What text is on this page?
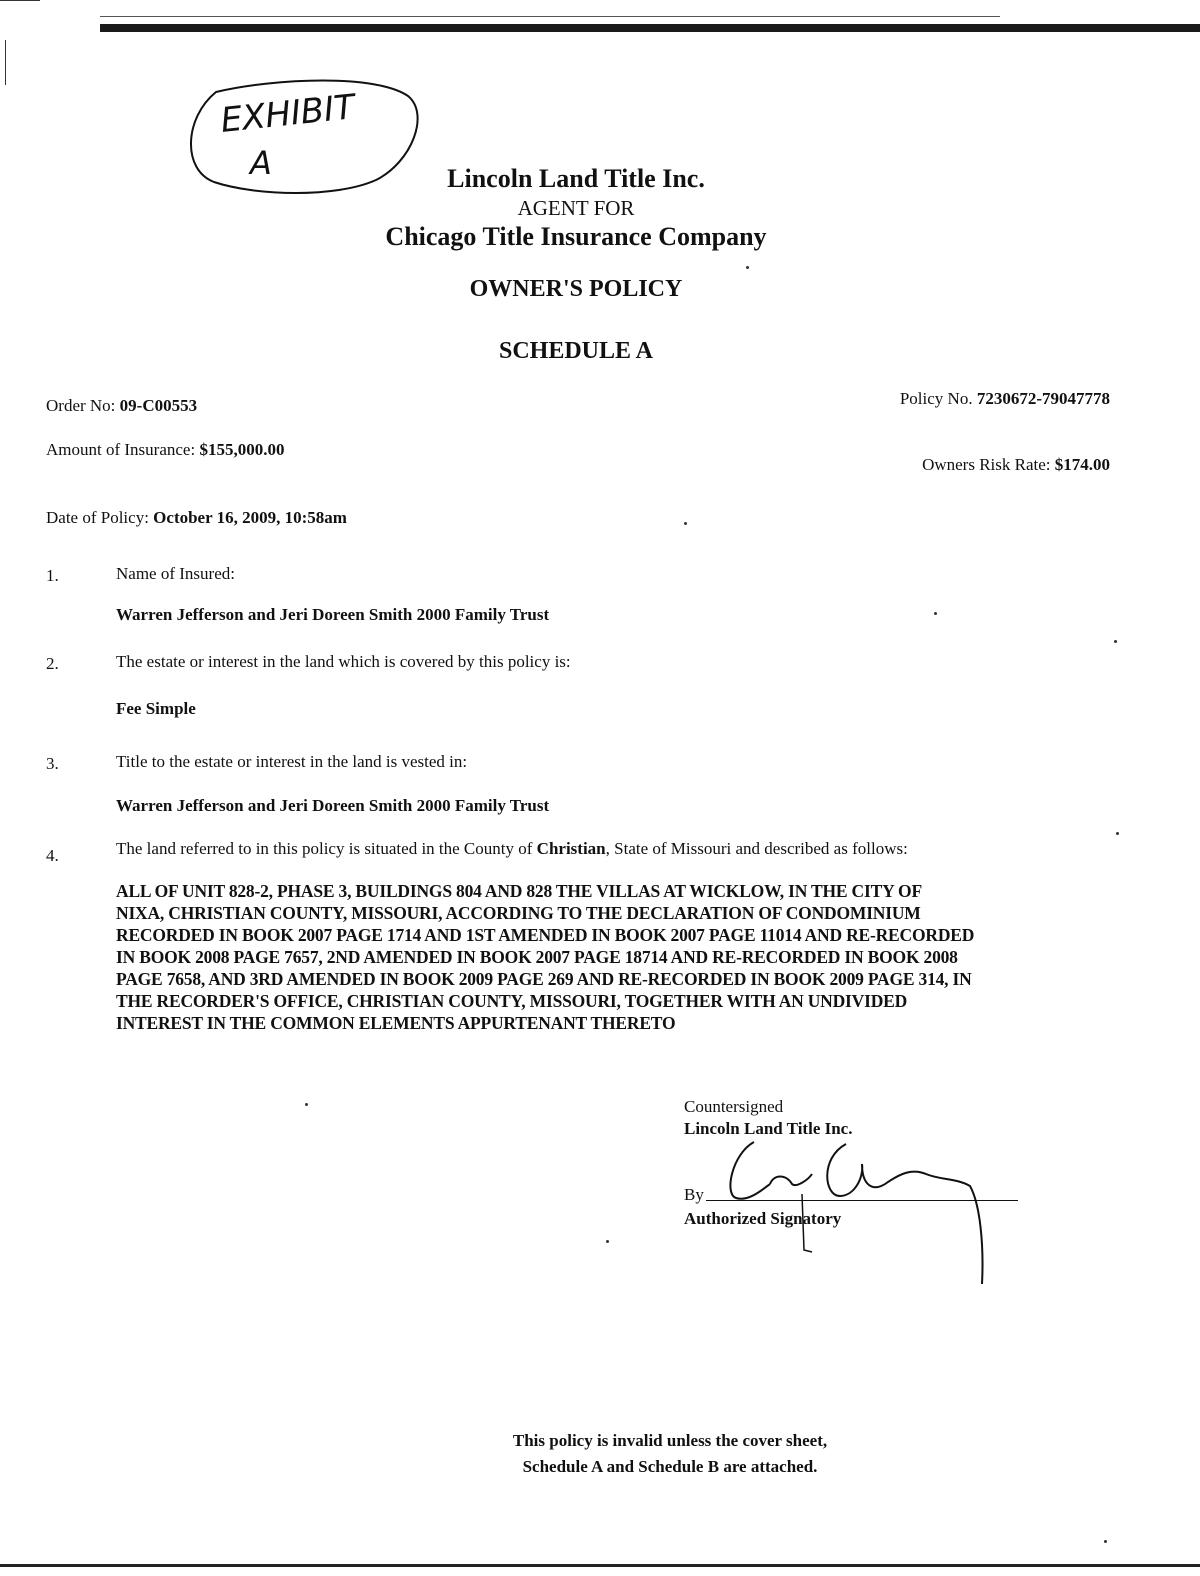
EXHIBIT
A	Lincoln Land Title Inc.
AGENT FOR
Chicago Title Insurance Company
OWNER'S POLICY
SCHEDULE A
Order No: 09-C00553	Policy No. 7230672-79047778
Amount of Insurance: $155,000.00
Owners Risk Rate: $174.00
Date of Policy: October 16, 2009, 10:58am
1.	Name of Insured:
Warren Jefferson and Jeri Doreen Smith 2000 Family Trust
2.	The estate or interest in the land which is covered by this policy is:
Fee Simple
3.	Title to the estate or interest in the land is vested in:
Warren Jefferson and Jeri Doreen Smith 2000 Family Trust
4.	The land referred to in this policy is situated in the County of Christian, State of Missouri and described as follows:
ALL OF UNIT 828-2, PHASE 3, BUILDINGS 804 AND 828 THE VILLAS AT WICKLOW, IN THE CITY OF
NIXA, CHRISTIAN COUNTY, MISSOURI, ACCORDING TO THE DECLARATION OF CONDOMINIUM
RECORDED IN BOOK 2007 PAGE 1714 AND 1ST AMENDED IN BOOK 2007 PAGE 11014 AND RE-RECORDED
IN BOOK 2008 PAGE 7657, 2ND AMENDED IN BOOK 2007 PAGE 18714 AND RE-RECORDED IN BOOK 2008
PAGE 7658, AND 3RD AMENDED IN BOOK 2009 PAGE 269 AND RE-RECORDED IN BOOK 2009 PAGE 314, IN
THE RECORDER'S OFFICE, CHRISTIAN COUNTY, MISSOURI, TOGETHER WITH AN UNDIVIDED
INTEREST IN THE COMMON ELEMENTS APPURTENANT THERETO
Countersigned
Lincoln Land Title Inc.
By
Authorized Signatory
This policy is invalid unless the cover sheet,
Schedule A and Schedule B are attached.
